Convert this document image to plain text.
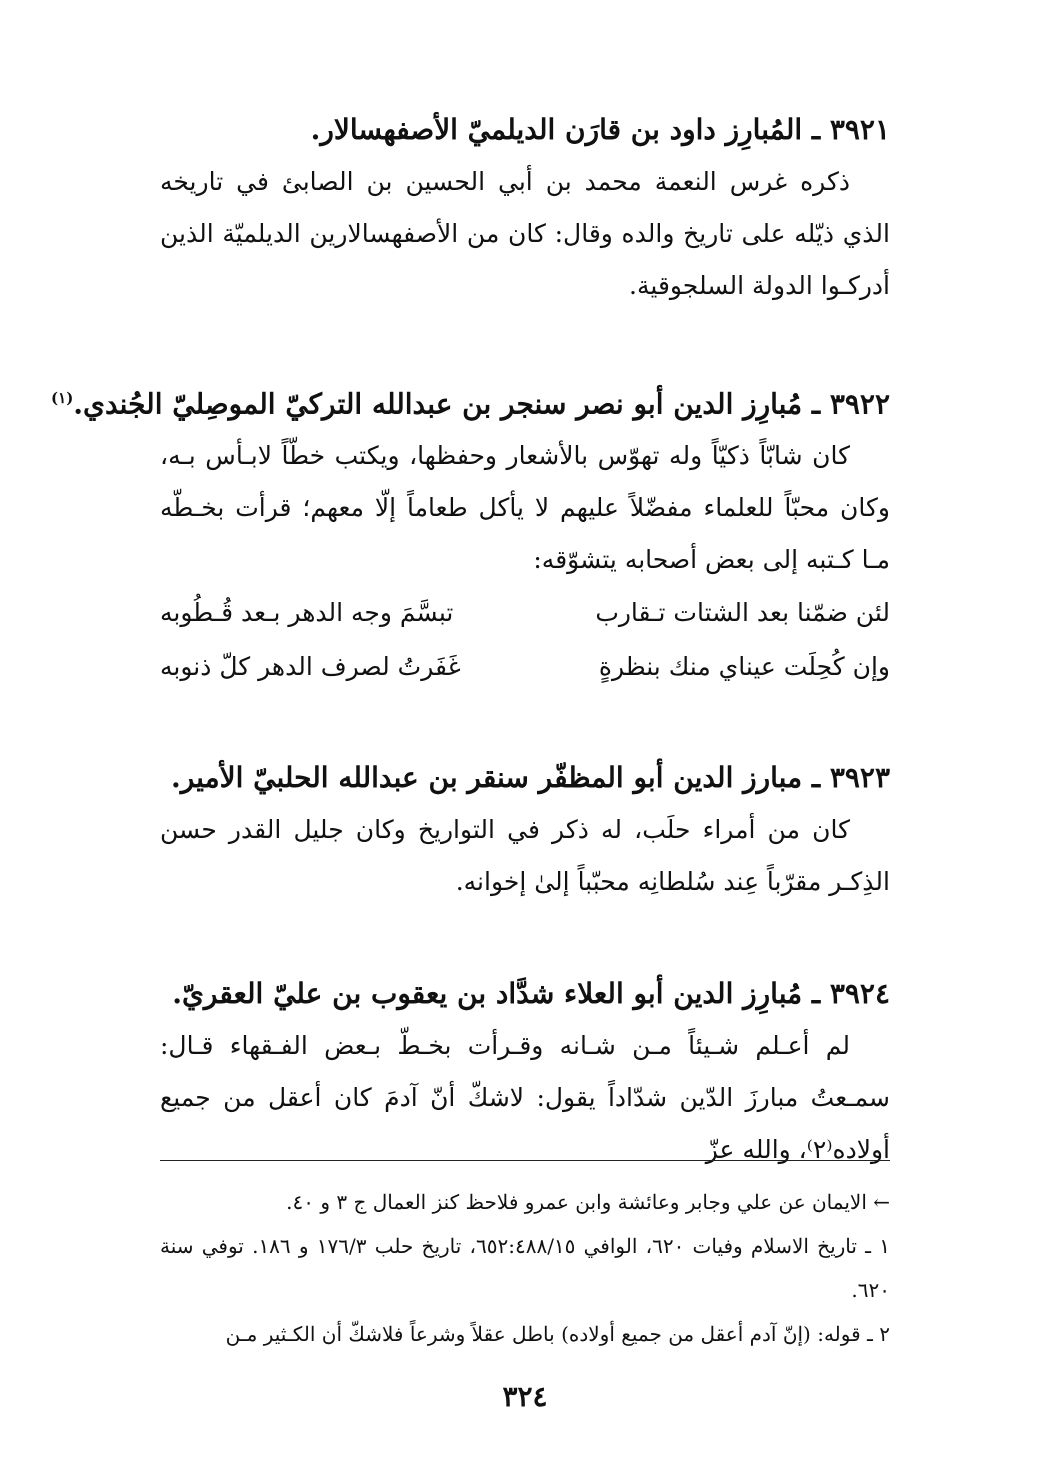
٣٩٢١ ـ المُبارِز داود بن قارَن الديلميّ الأصفهسالار.

ذكره غرس النعمة محمد بن أبي الحسين بن الصابئ في تاريخه الذي ذيّله على تاريخ والده وقال: كان من الأصفهسالارين الديلميّة الذين أدركـوا الدولة السلجوقية.

٣٩٢٢ ـ مُبارِز الدين أبو نصر سنجر بن عبدالله التركيّ الموصِليّ الجُندي.$^{(١)}$

كان شابّاً ذكيّاً وله تهوّس بالأشعار وحفظها، ويكتب خطّاً لابـأس بـه، وكان محبّاً للعلماء مفضّلاً عليهم لا يأكل طعاماً إلّا معهم؛ قرأت بخـطّه مـا كـتبه إلى بعض أصحابه يتشوّقه:

لئن ضمّنا بعد الشتات تـقارب
تبسَّمَ وجه الدهر بـعد قُـطُوبه
وإن كُحِلَت عيناي منك بنظرةٍ
غَفَرتُ لصرف الدهر كلّ ذنوبه
٣٩٢٣ ـ مبارز الدين أبو المظفّر سنقر بن عبدالله الحلبيّ الأمير.

كان من أمراء حلَب، له ذكر في التواريخ وكان جليل القدر حسن الذِكـر مقرّباً عِند سُلطانِه محبّباً إلىٰ إخوانه.

٣٩٢٤ ـ مُبارِز الدين أبو العلاء شدَّاد بن يعقوب بن عليّ العقريّ.

لم أعـلم شـيئاً مـن شـانه وقـرأت بخـطّ بـعض الفـقهاء قـال: سمـعتُ مبارزَ الدّين شدّاداً يقول: لاشكّ أنّ آدمَ كان أعقل من جميع أولاده⁽٢⁾، والله عزّ

← الايمان عن علي وجابر وعائشة وابن عمرو فلاحظ كنز العمال ج ٣ و ٤٠.

١ ـ تاريخ الاسلام وفيات ٦٢٠، الوافي ٦٥٢:٤٨٨/١٥، تاريخ حلب ١٧٦/٣ و ١٨٦. توفي سنة ٦٢٠.

٢ ـ قوله: (إنّ آدم أعقل من جميع أولاده) باطل عقلاً وشرعاً فلاشكّ أن الكـثير مـن

٣٢٤
